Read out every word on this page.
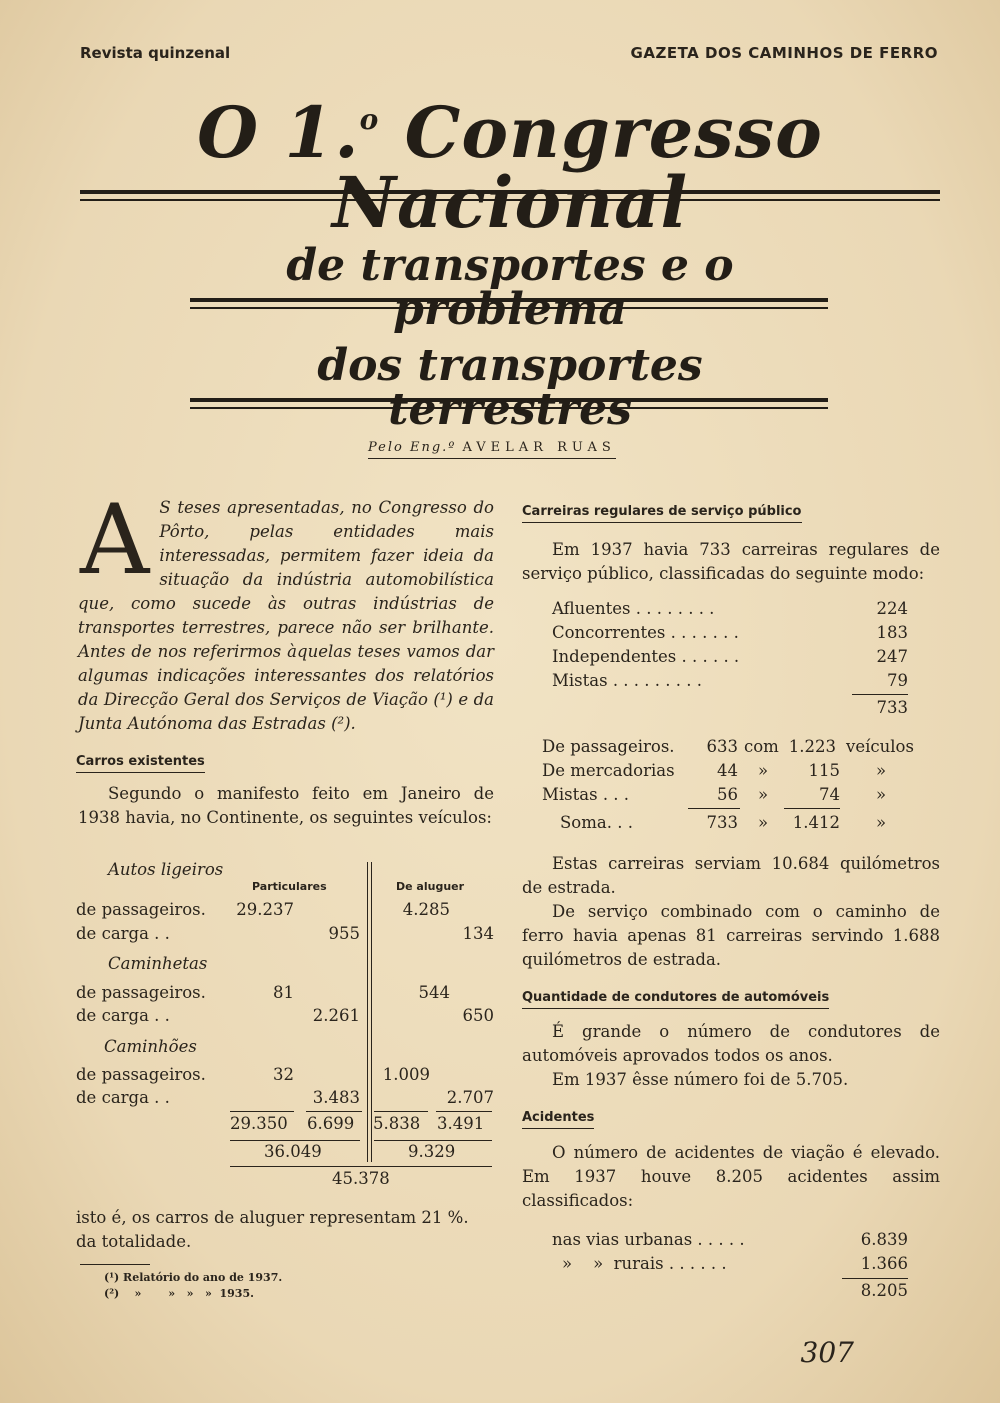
Revista quinzenal	GAZETA DOS CAMINHOS DE FERRO
O 1.$^o$ Congresso Nacional
de transportes e o problema
dos transportes terrestres
Pelo Eng.º AVELAR RUAS

A S teses apresentadas, no Congresso do Pôrto, pelas entidades mais interessadas, permitem fazer ideia da situação da indústria automobilística que, como sucede às outras indústrias de transportes terrestres, parece não ser brilhante. Antes de nos referirmos àquelas teses vamos dar algumas indicações interessantes dos relatórios da Direcção Geral dos Serviços de Viação (¹) e da Junta Autónoma das Estradas (²).

Carros existentes

Segundo o manifesto feito em Janeiro de 1938 havia, no Continente, os seguintes veículos:

Autos ligeiros
Particulares	De aluguer
de passageiros.	29.237	4.285
de carga . .	955	134
Caminhetas
de passageiros.	81	544
de carga . .	2.261	650
Caminhões
de passageiros.	32	1.009
de carga . .	3.483	2.707
29.350 6.699 5.838 3.491
36.049	9.329
45.378

isto é, os carros de aluguer representam 21 %. da totalidade.

(¹) Relatório do ano de 1937.
(²)    »       »   »   »  1935.
Carreiras regulares de serviço público

Em 1937 havia 733 carreiras regulares de serviço público, classificadas do seguinte modo:

Afluentes . . . . . . . .	224
Concorrentes . . . . . . .	183
Independentes . . . . . .	247
Mistas . . . . . . . . .	79
733
De passageiros.	633 com 1.223 veículos
De mercadorias	44 »	115 »
Mistas . . .	56 »	74 »
Soma. . .	733 »	1.412 »

Estas carreiras serviam 10.684 quilómetros de estrada.

De serviço combinado com o caminho de ferro havia apenas 81 carreiras servindo 1.688 quilómetros de estrada.

Quantidade de condutores de automóveis

É grande o número de condutores de automóveis aprovados todos os anos.

Em 1937 êsse número foi de 5.705.

Acidentes

O número de acidentes de viação é elevado. Em 1937 houve 8.205 acidentes assim classificados:

nas vias urbanas . . . . .	6.839
»    »  rurais . . . . . .	1.366
8.205
307
